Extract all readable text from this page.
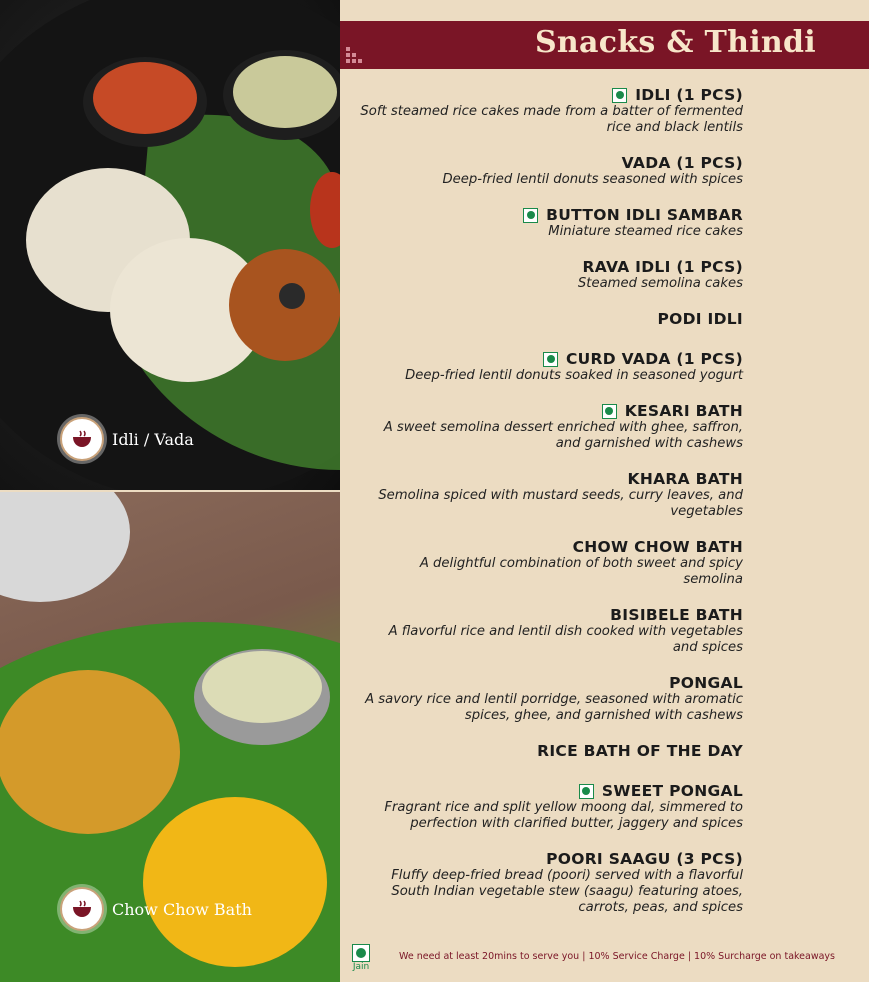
Idli / Vada
Chow Chow Bath
Snacks & Thindi
IDLI (1 PCS)
Soft steamed rice cakes made from a batter of fermented rice and black lentils
VADA (1 PCS)
Deep-fried lentil donuts seasoned with spices
BUTTON IDLI SAMBAR
Miniature steamed rice cakes
RAVA IDLI (1 PCS)
Steamed semolina cakes
PODI IDLI
CURD VADA (1 PCS)
Deep-fried lentil donuts soaked in seasoned yogurt
KESARI BATH
A sweet semolina dessert enriched with ghee, saffron, and garnished with cashews
KHARA BATH
Semolina spiced with mustard seeds, curry leaves, and vegetables
CHOW CHOW BATH
A delightful combination of both sweet and spicy semolina
BISIBELE BATH
A flavorful rice and lentil dish cooked with vegetables and spices
PONGAL
A savory rice and lentil porridge, seasoned with aromatic spices, ghee, and garnished with cashews
RICE BATH OF THE DAY
SWEET PONGAL
Fragrant rice and split yellow moong dal, simmered to perfection with clarified butter, jaggery and spices
POORI SAAGU (3 PCS)
Fluffy deep-fried bread (poori) served with a flavorful South Indian vegetable stew (saagu) featuring atoes, carrots, peas, and spices
Jain
We need at least 20mins to serve you | 10% Service Charge | 10% Surcharge on takeaways
